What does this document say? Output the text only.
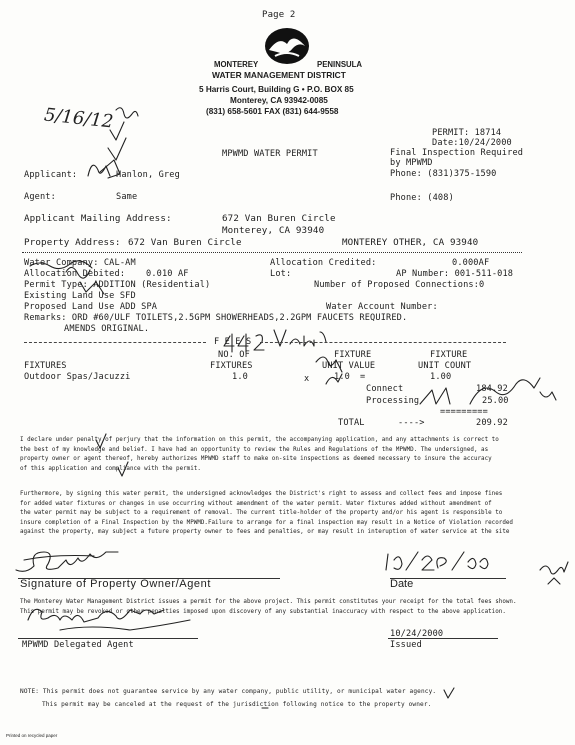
Page 2
MONTEREY	PENINSULA
WATER MANAGEMENT DISTRICT
5 Harris Court, Building G • P.O. BOX 85
Monterey, CA 93942-0085
(831) 658-5601 FAX (831) 644-9558
5/16/12
PERMIT: 18714
Date:10/24/2000
MPWMD WATER PERMIT	Final Inspection Required
by MPWMD
Phone: (831)375-1590
Applicant:	Hanlon, Greg
Agent:	Same	Phone: (408)
Applicant Mailing Address:	672 Van Buren Circle
Monterey, CA 93940
Property Address: 672 Van Buren Circle	MONTEREY OTHER, CA 93940
Water Company: CAL-AM	Allocation Credited:	0.000AF
Allocation Debited: 0.010 AF	Lot:	AP Number: 001-511-018
Permit Type: ADDITION (Residential)	Number of Proposed Connections:0
Existing Land Use SFD
Water Account Number:
Proposed Land Use ADD SPA
Remarks: ORD #60/ULF TOILETS,2.5GPM SHOWERHEADS,2.2GPM FAUCETS REQUIRED.
AMENDS ORIGINAL.
F E E S
NO. OF	FIXTURE	FIXTURE
FIXTURES	FIXTURES	UNIT VALUE	UNIT COUNT
Outdoor Spas/Jacuzzi	1.0	x	1.0 =	1.00
Connect	184.92
Processing	25.00
=========
TOTAL	---->	209.92
I declare under penalty of perjury that the information on this permit, the accompanying application, and any attachments is correct to
the best of my knowledge and belief. I have had an opportunity to review the Rules and Regulations of the MPWMD. The undersigned, as
property owner or agent thereof, hereby authorizes MPWMD staff to make on-site inspections as deemed necessary to insure the accuracy
of this application and compliance with the permit.
Furthermore, by signing this water permit, the undersigned acknowledges the District's right to assess and collect fees and impose fines
for added water fixtures or changes in use occurring without amendment of the water permit. Water fixtures added without amendment of
the water permit may be subject to a requirement of removal. The current title-holder of the property and/or his agent is responsible to
insure completion of a Final Inspection by the MPWMD.Failure to arrange for a final inspection may result in a Notice of Violation recorded
against the property, may subject a future property owner to fees and penalties, or may result in interuption of water service at the site
Signature of Property Owner/Agent	Date
The Monterey Water Management District issues a permit for the above project. This permit constitutes your receipt for the total fees shown.
This permit may be revoked or other penalties imposed upon discovery of any substantial inaccuracy with respect to the above application.
MPWMD Delegated Agent
10/24/2000
Issued
NOTE: This permit does not guarantee service by any water company, public utility, or municipal water agency.
This permit may be canceled at the request of the jurisdiction following notice to the property owner.
Printed on recycled paper
